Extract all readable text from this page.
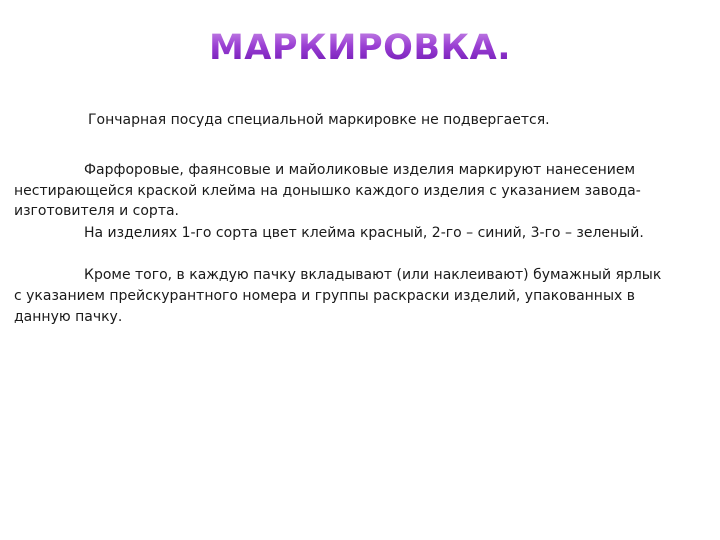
МАРКИРОВКА.

Гончарная посуда специальной маркировке не подвергается.

Фарфоровые, фаянсовые и майоликовые изделия маркируют нанесением

нестирающейся краской клейма на донышко каждого изделия с указанием завода-

изготовителя и сорта.

На изделиях 1-го сорта цвет клейма красный, 2-го – синий, 3-го – зеленый.

Кроме того, в каждую пачку вкладывают (или наклеивают) бумажный ярлык

с указанием прейскурантного номера и группы раскраски изделий, упакованных в

данную пачку.
